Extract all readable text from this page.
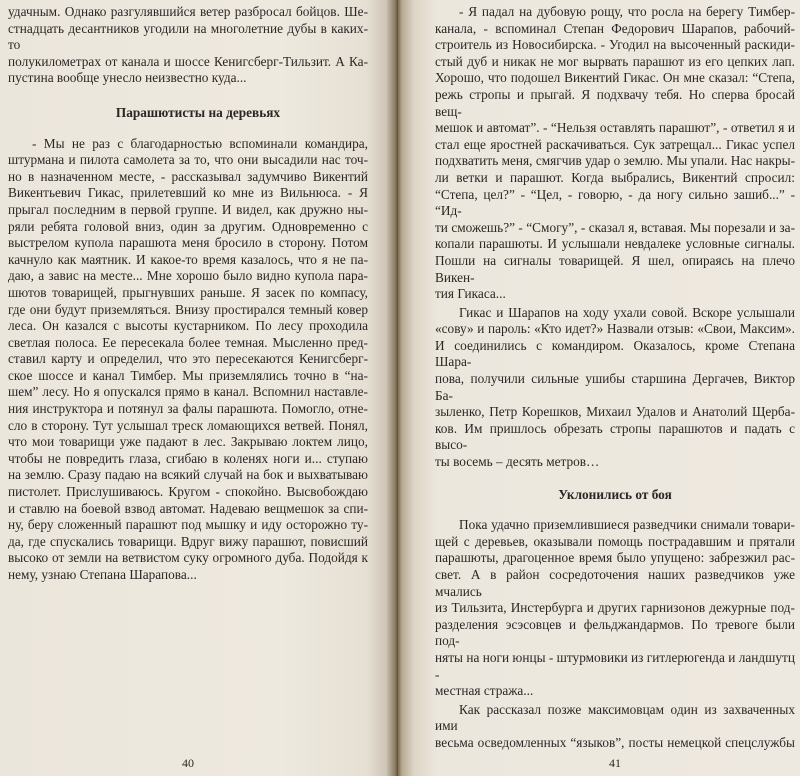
удачным. Однако разгулявшийся ветер разбросал бойцов. Ше-
стнадцать десантников угодили на многолетние дубы в каких-то
полукилометрах от канала и шоссе Кенигсберг-Тильзит. А Ка-
пустина вообще унесло неизвестно куда...
Парашютисты на деревьях
- Мы не раз с благодарностью вспоминали командира,
штурмана и пилота самолета за то, что они высадили нас точ-
но в назначенном месте, - рассказывал задумчиво Викентий
Викентьевич Гикас, прилетевший ко мне из Вильнюса. - Я
прыгал последним в первой группе. И видел, как дружно ны-
ряли ребята головой вниз, один за другим. Одновременно с
выстрелом купола парашюта меня бросило в сторону. Потом
качнуло как маятник. И какое-то время казалось, что я не па-
даю, а завис на месте... Мне хорошо было видно купола пара-
шютов товарищей, прыгнувших раньше. Я засек по компасу,
где они будут приземляться. Внизу простирался темный ковер
леса. Он казался с высоты кустарником. По лесу проходила
светлая полоса. Ее пересекала более темная. Мысленно пред-
ставил карту и определил, что это пересекаются Кенигсберг-
ское шоссе и канал Тимбер. Мы приземлялись точно в “на-
шем” лесу. Но я опускался прямо в канал. Вспомнил наставле-
ния инструктора и потянул за фалы парашюта. Помогло, отне-
сло в сторону. Тут услышал треск ломающихся ветвей. Понял,
что мои товарищи уже падают в лес. Закрываю локтем лицо,
чтобы не повредить глаза, сгибаю в коленях ноги и... ступаю
на землю. Сразу падаю на всякий случай на бок и выхватываю
пистолет. Прислушиваюсь. Кругом - спокойно. Высвобождаю
и ставлю на боевой взвод автомат. Надеваю вещмешок за спи-
ну, беру сложенный парашют под мышку и иду осторожно ту-
да, где спускались товарищи. Вдруг вижу парашют, повисший
высоко от земли на ветвистом суку огромного дуба. Подойдя к
нему, узнаю Степана Шарапова...
40
- Я падал на дубовую рощу, что росла на берегу Тимбер-
канала, - вспоминал Степан Федорович Шарапов, рабочий-
строитель из Новосибирска. - Угодил на высоченный раскиди-
стый дуб и никак не мог вырвать парашют из его цепких лап.
Хорошо, что подошел Викентий Гикас. Он мне сказал: “Степа,
режь стропы и прыгай. Я подхвачу тебя. Но сперва бросай вещ-
мешок и автомат”. - “Нельзя оставлять парашют”, - ответил я и
стал еще яростней раскачиваться. Сук затрещал... Гикас успел
подхватить меня, смягчив удар о землю. Мы упали. Нас накры-
ли ветки и парашют. Когда выбрались, Викентий спросил:
“Степа, цел?” - “Цел, - говорю, - да ногу сильно зашиб...” - “Ид-
ти сможешь?” - “Смогу”, - сказал я, вставая. Мы порезали и за-
копали парашюты. И услышали невдалеке условные сигналы.
Пошли на сигналы товарищей. Я шел, опираясь на плечо Викен-
тия Гикаса...
Гикас и Шарапов на ходу ухали совой. Вскоре услышали
«сову» и пароль: «Кто идет?» Назвали отзыв: «Свои, Максим».
И соединились с командиром. Оказалось, кроме Степана Шара-
пова, получили сильные ушибы старшина Дергачев, Виктор Ба-
зыленко, Петр Корешков, Михаил Удалов и Анатолий Щерба-
ков. Им пришлось обрезать стропы парашютов и падать с высо-
ты восемь – десять метров…
Уклонились от боя
Пока удачно приземлившиеся разведчики снимали товари-
щей с деревьев, оказывали помощь пострадавшим и прятали
парашюты, драгоценное время было упущено: забрезжил рас-
свет. А в район сосредоточения наших разведчиков уже мчались
из Тильзита, Инстербурга и других гарнизонов дежурные под-
разделения эсэсовцев и фельджандармов. По тревоге были под-
няты на ноги юнцы - штурмовики из гитлерюгенда и ландшутц -
местная стража...
Как рассказал позже максимовцам один из захваченных ими
весьма осведомленных “языков”, посты немецкой спецслужбы
41
